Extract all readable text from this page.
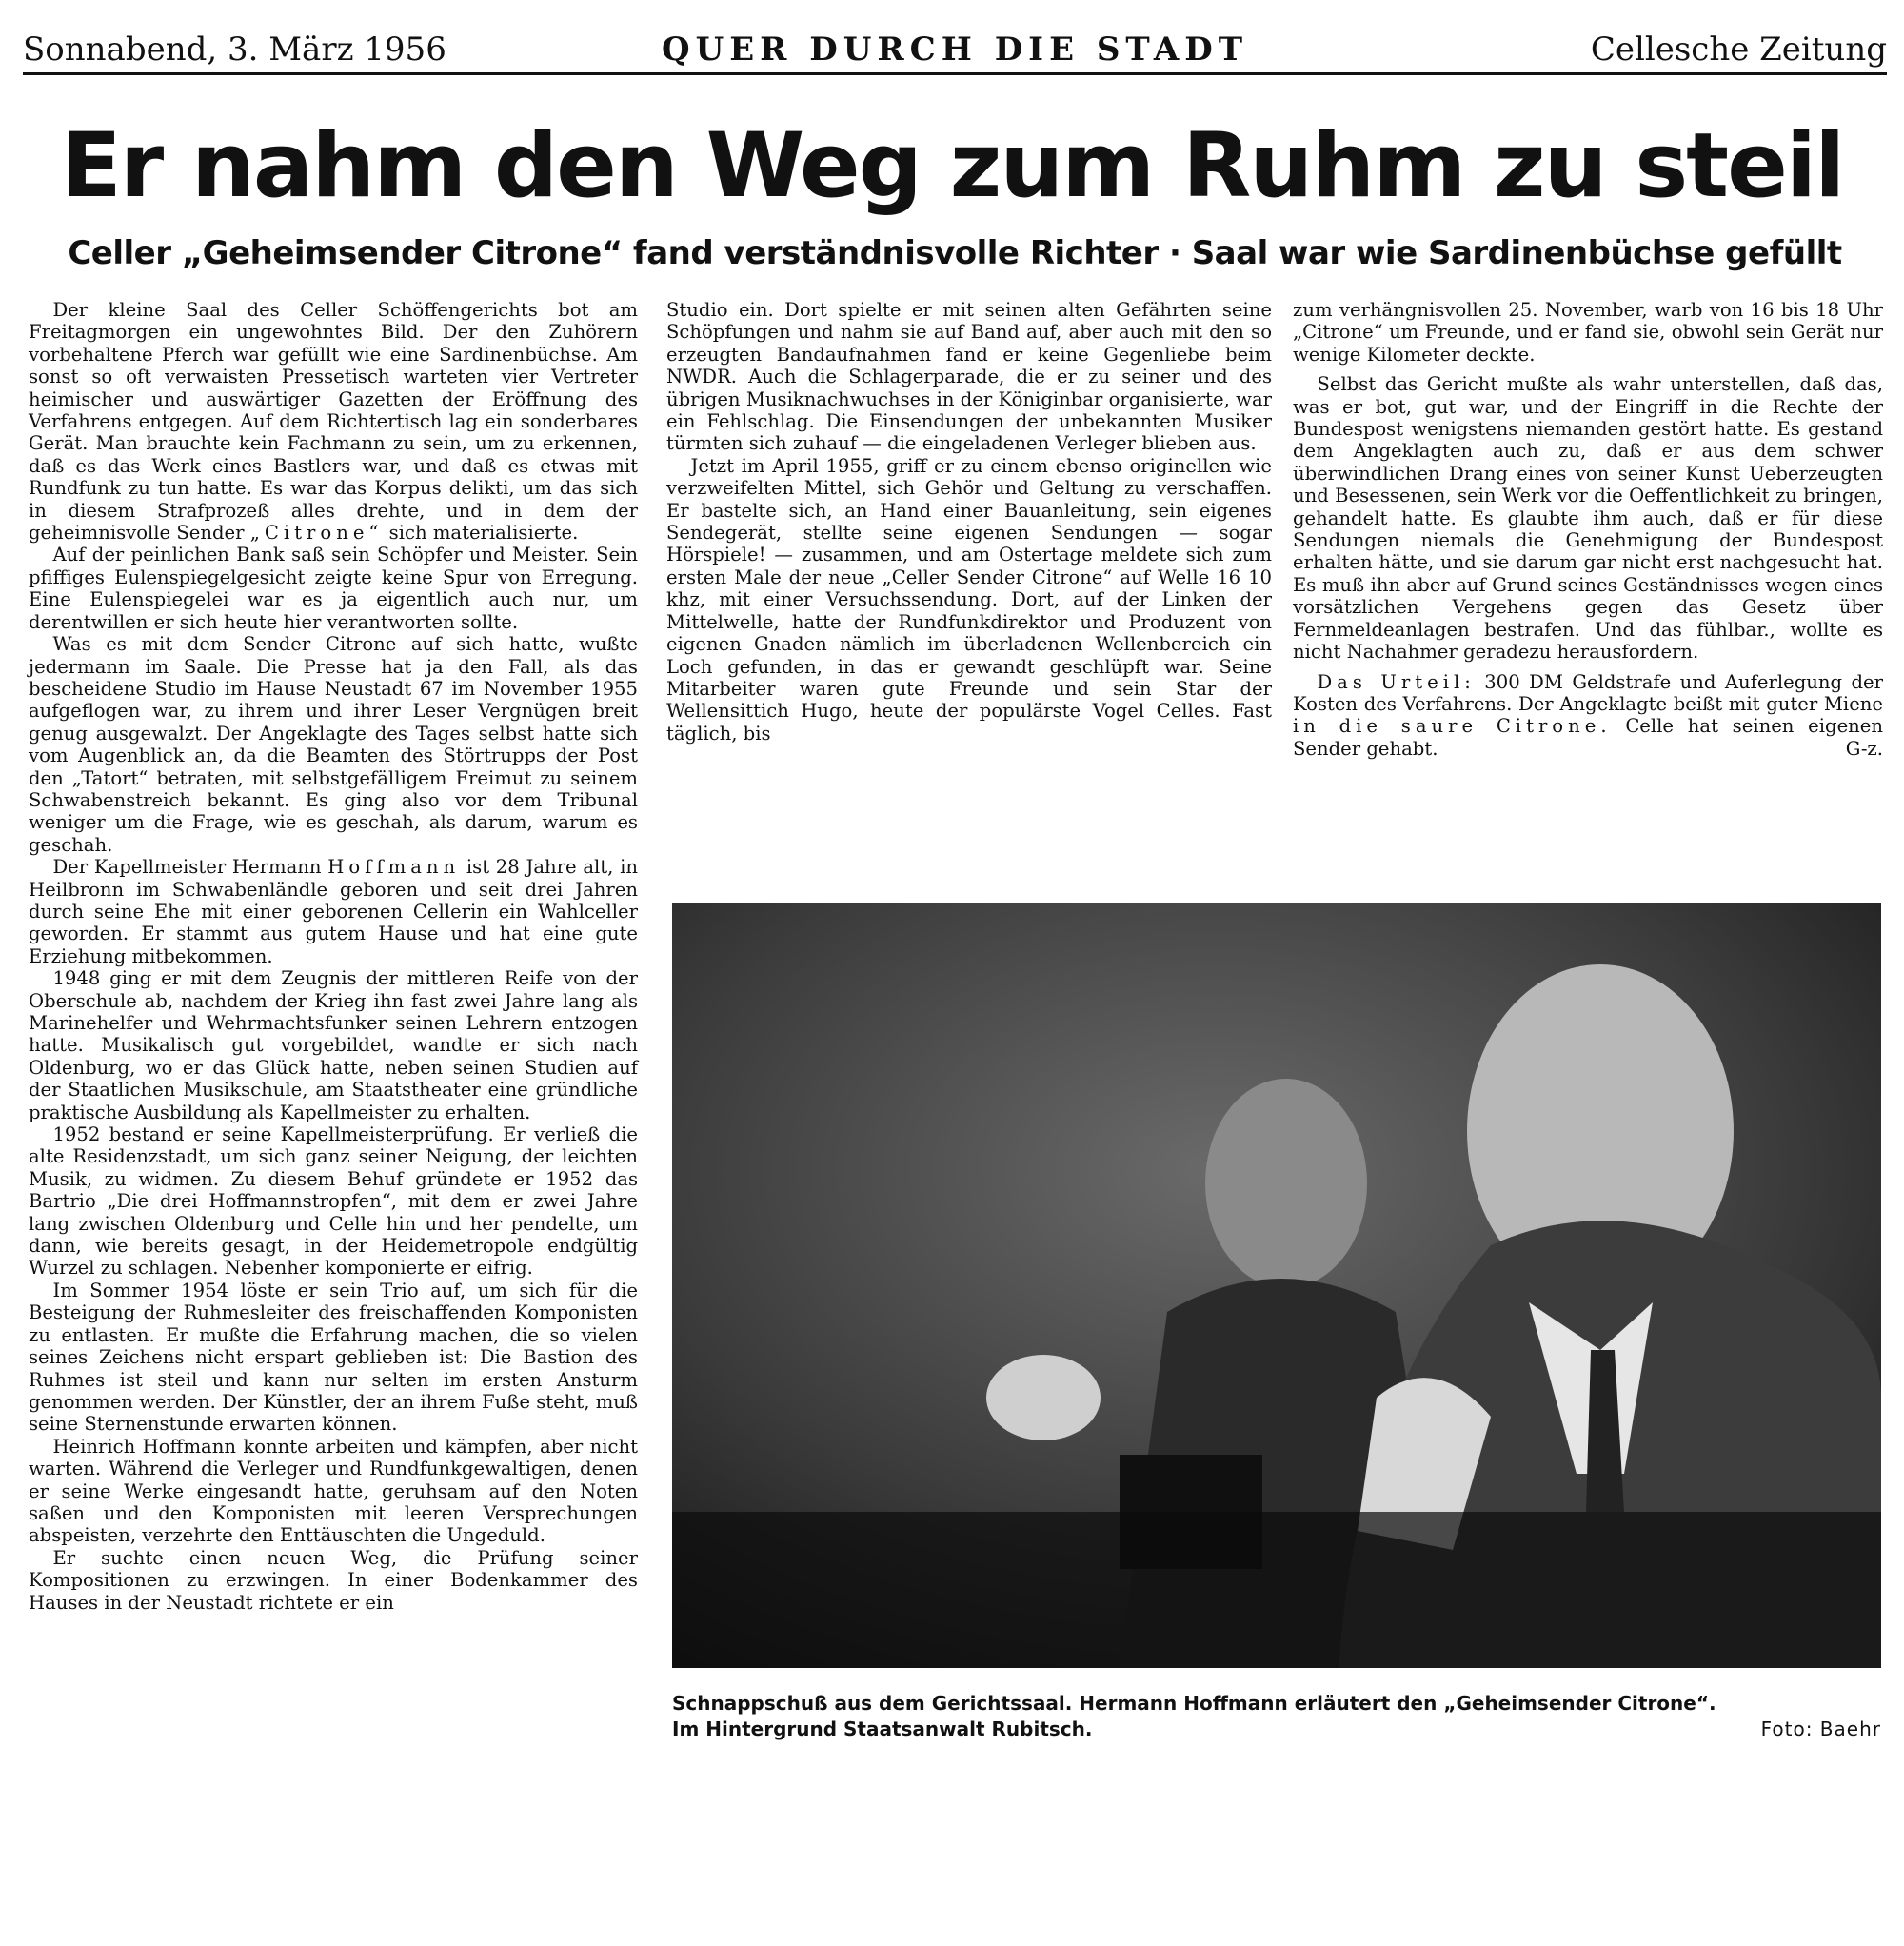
Sonnabend, 3. März 1956	QUER DURCH DIE STADT	Cellesche Zeitung
Er nahm den Weg zum Ruhm zu steil
Celler „Geheimsender Citrone“ fand verständnisvolle Richter · Saal war wie Sardinenbüchse gefüllt

Der kleine Saal des Celler Schöffengerichts bot am Freitagmorgen ein ungewohntes Bild. Der den Zuhörern vorbehaltene Pferch war gefüllt wie eine Sardinenbüchse. Am sonst so oft verwaisten Pressetisch warteten vier Vertreter heimischer und auswärtiger Gazetten der Eröffnung des Verfahrens entgegen. Auf dem Richtertisch lag ein sonderbares Gerät. Man brauchte kein Fachmann zu sein, um zu erkennen, daß es das Werk eines Bastlers war, und daß es etwas mit Rundfunk zu tun hatte. Es war das Korpus delikti, um das sich in diesem Strafprozeß alles drehte, und in dem der geheimnisvolle Sender „Citrone“ sich materialisierte.

Auf der peinlichen Bank saß sein Schöpfer und Meister. Sein pfiffiges Eulenspiegelgesicht zeigte keine Spur von Erregung. Eine Eulenspiegelei war es ja eigentlich auch nur, um derentwillen er sich heute hier verantworten sollte.

Was es mit dem Sender Citrone auf sich hatte, wußte jedermann im Saale. Die Presse hat ja den Fall, als das bescheidene Studio im Hause Neustadt 67 im November 1955 aufgeflogen war, zu ihrem und ihrer Leser Vergnügen breit genug ausgewalzt. Der Angeklagte des Tages selbst hatte sich vom Augenblick an, da die Beamten des Störtrupps der Post den „Tatort“ betraten, mit selbstgefälligem Freimut zu seinem Schwabenstreich bekannt. Es ging also vor dem Tribunal weniger um die Frage, wie es geschah, als darum, warum es geschah.

Der Kapellmeister Hermann Hoffmann ist 28 Jahre alt, in Heilbronn im Schwabenländle geboren und seit drei Jahren durch seine Ehe mit einer geborenen Cellerin ein Wahlceller geworden. Er stammt aus gutem Hause und hat eine gute Erziehung mitbekommen.

1948 ging er mit dem Zeugnis der mittleren Reife von der Oberschule ab, nachdem der Krieg ihn fast zwei Jahre lang als Marinehelfer und Wehrmachtsfunker seinen Lehrern entzogen hatte. Musikalisch gut vorgebildet, wandte er sich nach Oldenburg, wo er das Glück hatte, neben seinen Studien auf der Staatlichen Musikschule, am Staatstheater eine gründliche praktische Ausbildung als Kapellmeister zu erhalten.

1952 bestand er seine Kapellmeisterprüfung. Er verließ die alte Residenzstadt, um sich ganz seiner Neigung, der leichten Musik, zu widmen. Zu diesem Behuf gründete er 1952 das Bartrio „Die drei Hoffmannstropfen“, mit dem er zwei Jahre lang zwischen Oldenburg und Celle hin und her pendelte, um dann, wie bereits gesagt, in der Heidemetropole endgültig Wurzel zu schlagen. Nebenher komponierte er eifrig.

Im Sommer 1954 löste er sein Trio auf, um sich für die Besteigung der Ruhmesleiter des freischaffenden Komponisten zu entlasten. Er mußte die Erfahrung machen, die so vielen seines Zeichens nicht erspart geblieben ist: Die Bastion des Ruhmes ist steil und kann nur selten im ersten Ansturm genommen werden. Der Künstler, der an ihrem Fuße steht, muß seine Sternenstunde erwarten können.

Heinrich Hoffmann konnte arbeiten und kämpfen, aber nicht warten. Während die Verleger und Rundfunkgewaltigen, denen er seine Werke eingesandt hatte, geruhsam auf den Noten saßen und den Komponisten mit leeren Versprechungen abspeisten, verzehrte den Enttäuschten die Ungeduld.

Er suchte einen neuen Weg, die Prüfung seiner Kompositionen zu erzwingen. In einer Bodenkammer des Hauses in der Neustadt richtete er ein

Studio ein. Dort spielte er mit seinen alten Gefährten seine Schöpfungen und nahm sie auf Band auf, aber auch mit den so erzeugten Bandaufnahmen fand er keine Gegenliebe beim NWDR. Auch die Schlagerparade, die er zu seiner und des übrigen Musiknachwuchses in der Königinbar organisierte, war ein Fehlschlag. Die Einsendungen der unbekannten Musiker türmten sich zuhauf — die eingeladenen Verleger blieben aus.

Jetzt im April 1955, griff er zu einem ebenso originellen wie verzweifelten Mittel, sich Gehör und Geltung zu verschaffen. Er bastelte sich, an Hand einer Bauanleitung, sein eigenes Sendegerät, stellte seine eigenen Sendungen — sogar Hörspiele! — zusammen, und am Ostertage meldete sich zum ersten Male der neue „Celler Sender Citrone“ auf Welle 16 10 khz, mit einer Versuchssendung. Dort, auf der Linken der Mittelwelle, hatte der Rundfunkdirektor und Produzent von eigenen Gnaden nämlich im überladenen Wellenbereich ein Loch gefunden, in das er gewandt geschlüpft war. Seine Mitarbeiter waren gute Freunde und sein Star der Wellensittich Hugo, heute der populärste Vogel Celles. Fast täglich, bis

zum verhängnisvollen 25. November, warb von 16 bis 18 Uhr „Citrone“ um Freunde, und er fand sie, obwohl sein Gerät nur wenige Kilometer deckte.

Selbst das Gericht mußte als wahr unterstellen, daß das, was er bot, gut war, und der Eingriff in die Rechte der Bundespost wenigstens niemanden gestört hatte. Es gestand dem Angeklagten auch zu, daß er aus dem schwer überwindlichen Drang eines von seiner Kunst Ueberzeugten und Besessenen, sein Werk vor die Oeffentlichkeit zu bringen, gehandelt hatte. Es glaubte ihm auch, daß er für diese Sendungen niemals die Genehmigung der Bundespost erhalten hätte, und sie darum gar nicht erst nachgesucht hat. Es muß ihn aber auf Grund seines Geständnisses wegen eines vorsätzlichen Vergehens gegen das Gesetz über Fernmeldeanlagen bestrafen. Und das fühlbar., wollte es nicht Nachahmer geradezu herausfordern.

Das Urteil: 300 DM Geldstrafe und Auferlegung der Kosten des Verfahrens. Der Angeklagte beißt mit guter Miene in die saure Citrone. Celle hat seinen eigenen Sender gehabt.	G-z.

Schnappschuß aus dem Gerichtssaal. Hermann Hoffmann erläutert den „Geheimsender Citrone“.
Im Hintergrund Staatsanwalt Rubitsch.	Foto: Baehr
